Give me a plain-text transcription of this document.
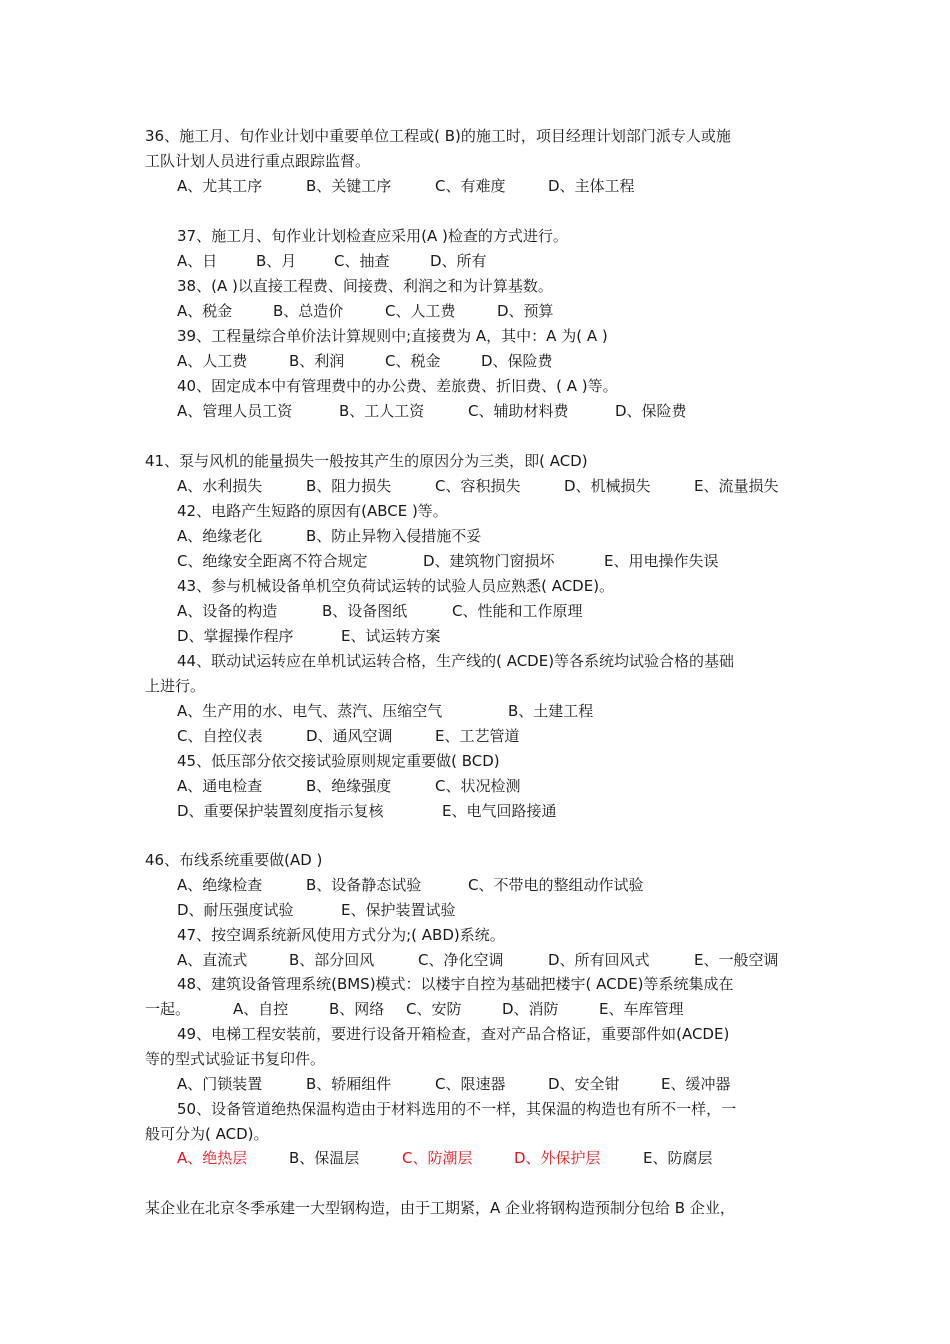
36、施工月、旬作业计划中重要单位工程或( B)的施工时，项目经理计划部门派专人或施
工队计划人员进行重点跟踪监督。
A、尤其工序	B、关键工序	C、有难度	D、主体工程
37、施工月、旬作业计划检查应采用(A )检查的方式进行。
A、日	B、月	C、抽查	D、所有
38、(A )以直接工程费、间接费、利润之和为计算基数。
A、税金	B、总造价	C、人工费	D、预算
39、工程量综合单价法计算规则中;直接费为 A，其中：A 为( A )
A、人工费	B、利润	C、税金	D、保险费
40、固定成本中有管理费中的办公费、差旅费、折旧费、( A )等。
A、管理人员工资	B、工人工资	C、辅助材料费	D、保险费
41、泵与风机的能量损失一般按其产生的原因分为三类，即( ACD)
A、水利损失	B、阻力损失	C、容积损失	D、机械损失	E、流量损失
42、电路产生短路的原因有(ABCE )等。
A、绝缘老化	B、防止异物入侵措施不妥
C、绝缘安全距离不符合规定	D、建筑物门窗损坏	E、用电操作失误
43、参与机械设备单机空负荷试运转的试验人员应熟悉( ACDE)。
A、设备的构造	B、设备图纸	C、性能和工作原理
D、掌握操作程序	E、试运转方案
44、联动试运转应在单机试运转合格，生产线的( ACDE)等各系统均试验合格的基础
上进行。
A、生产用的水、电气、蒸汽、压缩空气	B、土建工程
C、自控仪表	D、通风空调	E、工艺管道
45、低压部分依交接试验原则规定重要做( BCD)
A、通电检查	B、绝缘强度	C、状况检测
D、重要保护装置刻度指示复核	E、电气回路接通
46、布线系统重要做(AD )
A、绝缘检查	B、设备静态试验	C、不带电的整组动作试验
D、耐压强度试验	E、保护装置试验
47、按空调系统新风使用方式分为;( ABD)系统。
A、直流式	B、部分回风	C、净化空调	D、所有回风式	E、一般空调
48、建筑设备管理系统(BMS)模式：以楼宇自控为基础把楼宇( ACDE)等系统集成在
一起。	A、自控	B、网络 C、安防	D、消防	E、车库管理
49、电梯工程安装前，要进行设备开箱检查，查对产品合格证，重要部件如(ACDE)
等的型式试验证书复印件。
A、门锁装置	B、轿厢组件	C、限速器	D、安全钳	E、缓冲器
50、设备管道绝热保温构造由于材料选用的不一样，其保温的构造也有所不一样，一
般可分为( ACD)。
A、绝热层	B、保温层	C、防潮层	D、外保护层	E、防腐层
某企业在北京冬季承建一大型钢构造，由于工期紧，A 企业将钢构造预制分包给 B 企业，
